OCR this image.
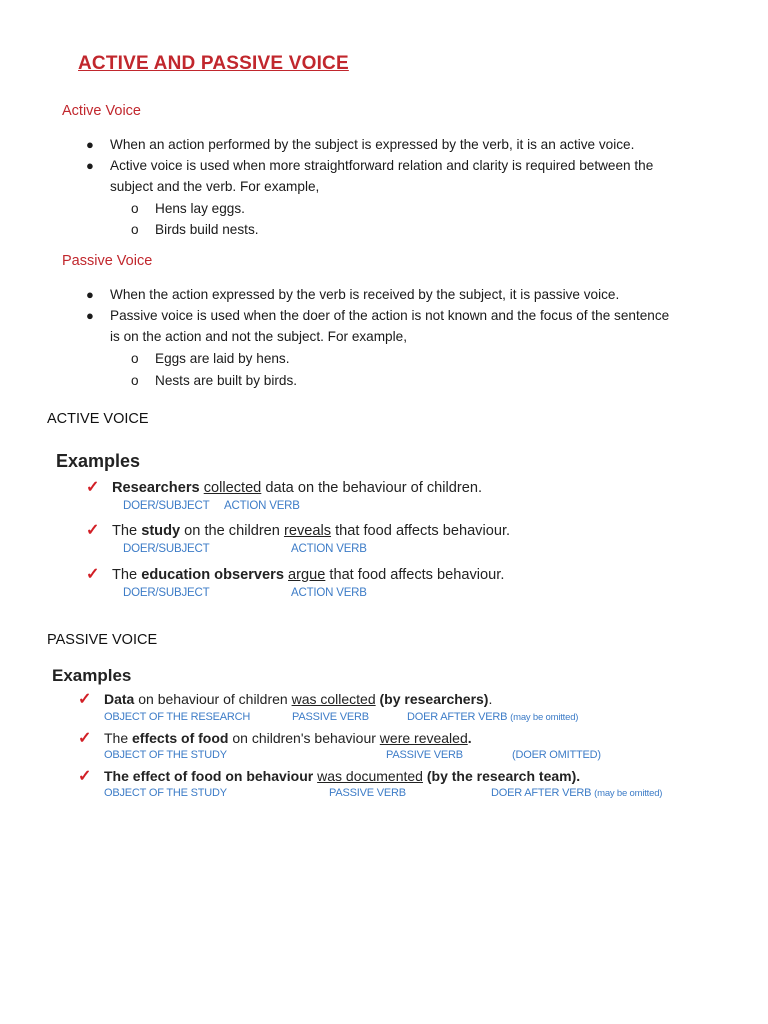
ACTIVE AND PASSIVE VOICE
Active Voice
● When an action performed by the subject is expressed by the verb, it is an active voice.
● Active voice is used when more straightforward relation and clarity is required between the
subject and the verb. For example,
o Hens lay eggs.
o Birds build nests.
Passive Voice
● When the action expressed by the verb is received by the subject, it is passive voice.
● Passive voice is used when the doer of the action is not known and the focus of the sentence
is on the action and not the subject. For example,
o Eggs are laid by hens.
o Nests are built by birds.
ACTIVE VOICE
Examples
✓ Researchers collected data on the behaviour of children.
DOER/SUBJECT ACTION VERB
✓ The study on the children reveals that food affects behaviour.
DOER/SUBJECT	ACTION VERB
✓ The education observers argue that food affects behaviour.
DOER/SUBJECT	ACTION VERB
PASSIVE VOICE
Examples
✓ Data on behaviour of children was collected (by researchers).
OBJECT OF THE RESEARCH	PASSIVE VERB	DOER AFTER VERB (may be omitted)
✓ The effects of food on children's behaviour were revealed.
OBJECT OF THE STUDY	PASSIVE VERB	(DOER OMITTED)
✓ The effect of food on behaviour was documented (by the research team).
OBJECT OF THE STUDY	PASSIVE VERB	DOER AFTER VERB (may be omitted)
